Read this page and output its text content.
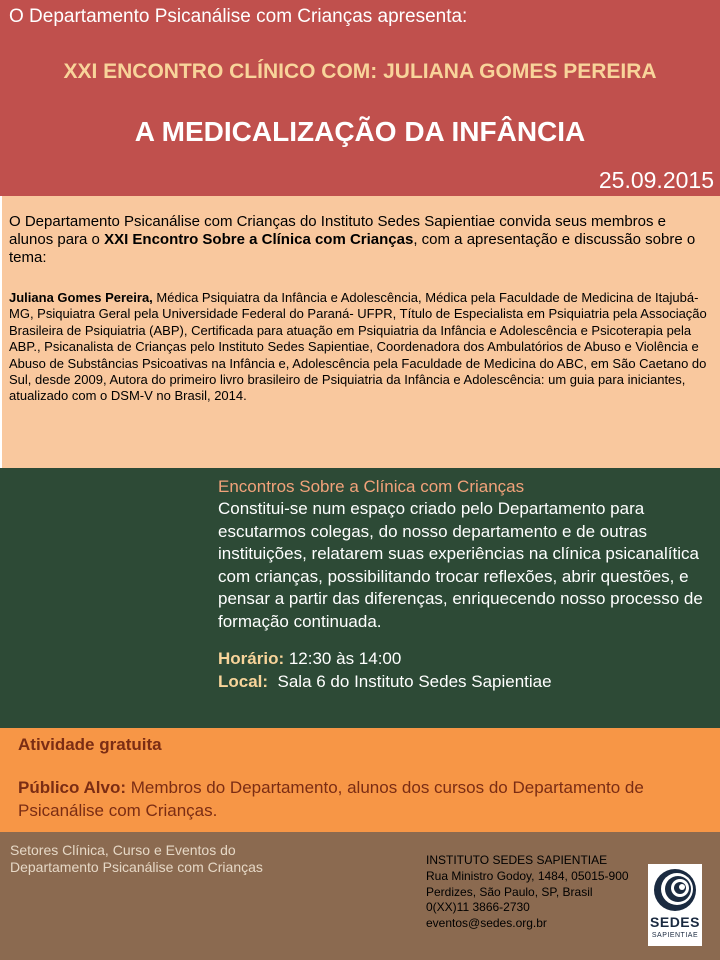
O Departamento Psicanálise com Crianças apresenta:
XXI ENCONTRO CLÍNICO COM: JULIANA GOMES PEREIRA
A MEDICALIZAÇÃO DA INFÂNCIA
25.09.2015

O Departamento Psicanálise com Crianças do Instituto Sedes Sapientiae convida seus membros e alunos para o XXI Encontro Sobre a Clínica com Crianças, com a apresentação e discussão sobre o tema:

Juliana Gomes Pereira, Médica Psiquiatra da Infância e Adolescência, Médica pela Faculdade de Medicina de Itajubá-MG, Psiquiatra Geral pela Universidade Federal do Paraná- UFPR, Título de Especialista em Psiquiatria pela Associação Brasileira de Psiquiatria (ABP), Certificada para atuação em Psiquiatria da Infância e Adolescência e Psicoterapia pela ABP., Psicanalista de Crianças pelo Instituto Sedes Sapientiae, Coordenadora dos Ambulatórios de Abuso e Violência e Abuso de Substâncias Psicoativas na Infância e, Adolescência pela Faculdade de Medicina do ABC, em São Caetano do Sul, desde 2009, Autora do primeiro livro brasileiro de Psiquiatria da Infância e Adolescência: um guia para iniciantes, atualizado com o DSM-V no Brasil, 2014.

Encontros Sobre a Clínica com Crianças
Constitui-se num espaço criado pelo Departamento para escutarmos colegas, do nosso departamento e de outras instituições, relatarem suas experiências na clínica psicanalítica com crianças, possibilitando trocar reflexões, abrir questões, e pensar a partir das diferenças, enriquecendo nosso processo de formação continuada.
Horário: 12:30 às 14:00
Local:  Sala 6 do Instituto Sedes Sapientiae
Atividade gratuita

Público Alvo: Membros do Departamento, alunos dos cursos do Departamento de Psicanálise com Crianças.

Setores Clínica, Curso e Eventos do
Departamento Psicanálise com Crianças	INSTITUTO SEDES SAPIENTIAE
Rua Ministro Godoy, 1484, 05015-900
Perdizes, São Paulo, SP, Brasil
0(XX)11 3866-2730
eventos@sedes.org.br	SEDES
SAPIENTIAE
